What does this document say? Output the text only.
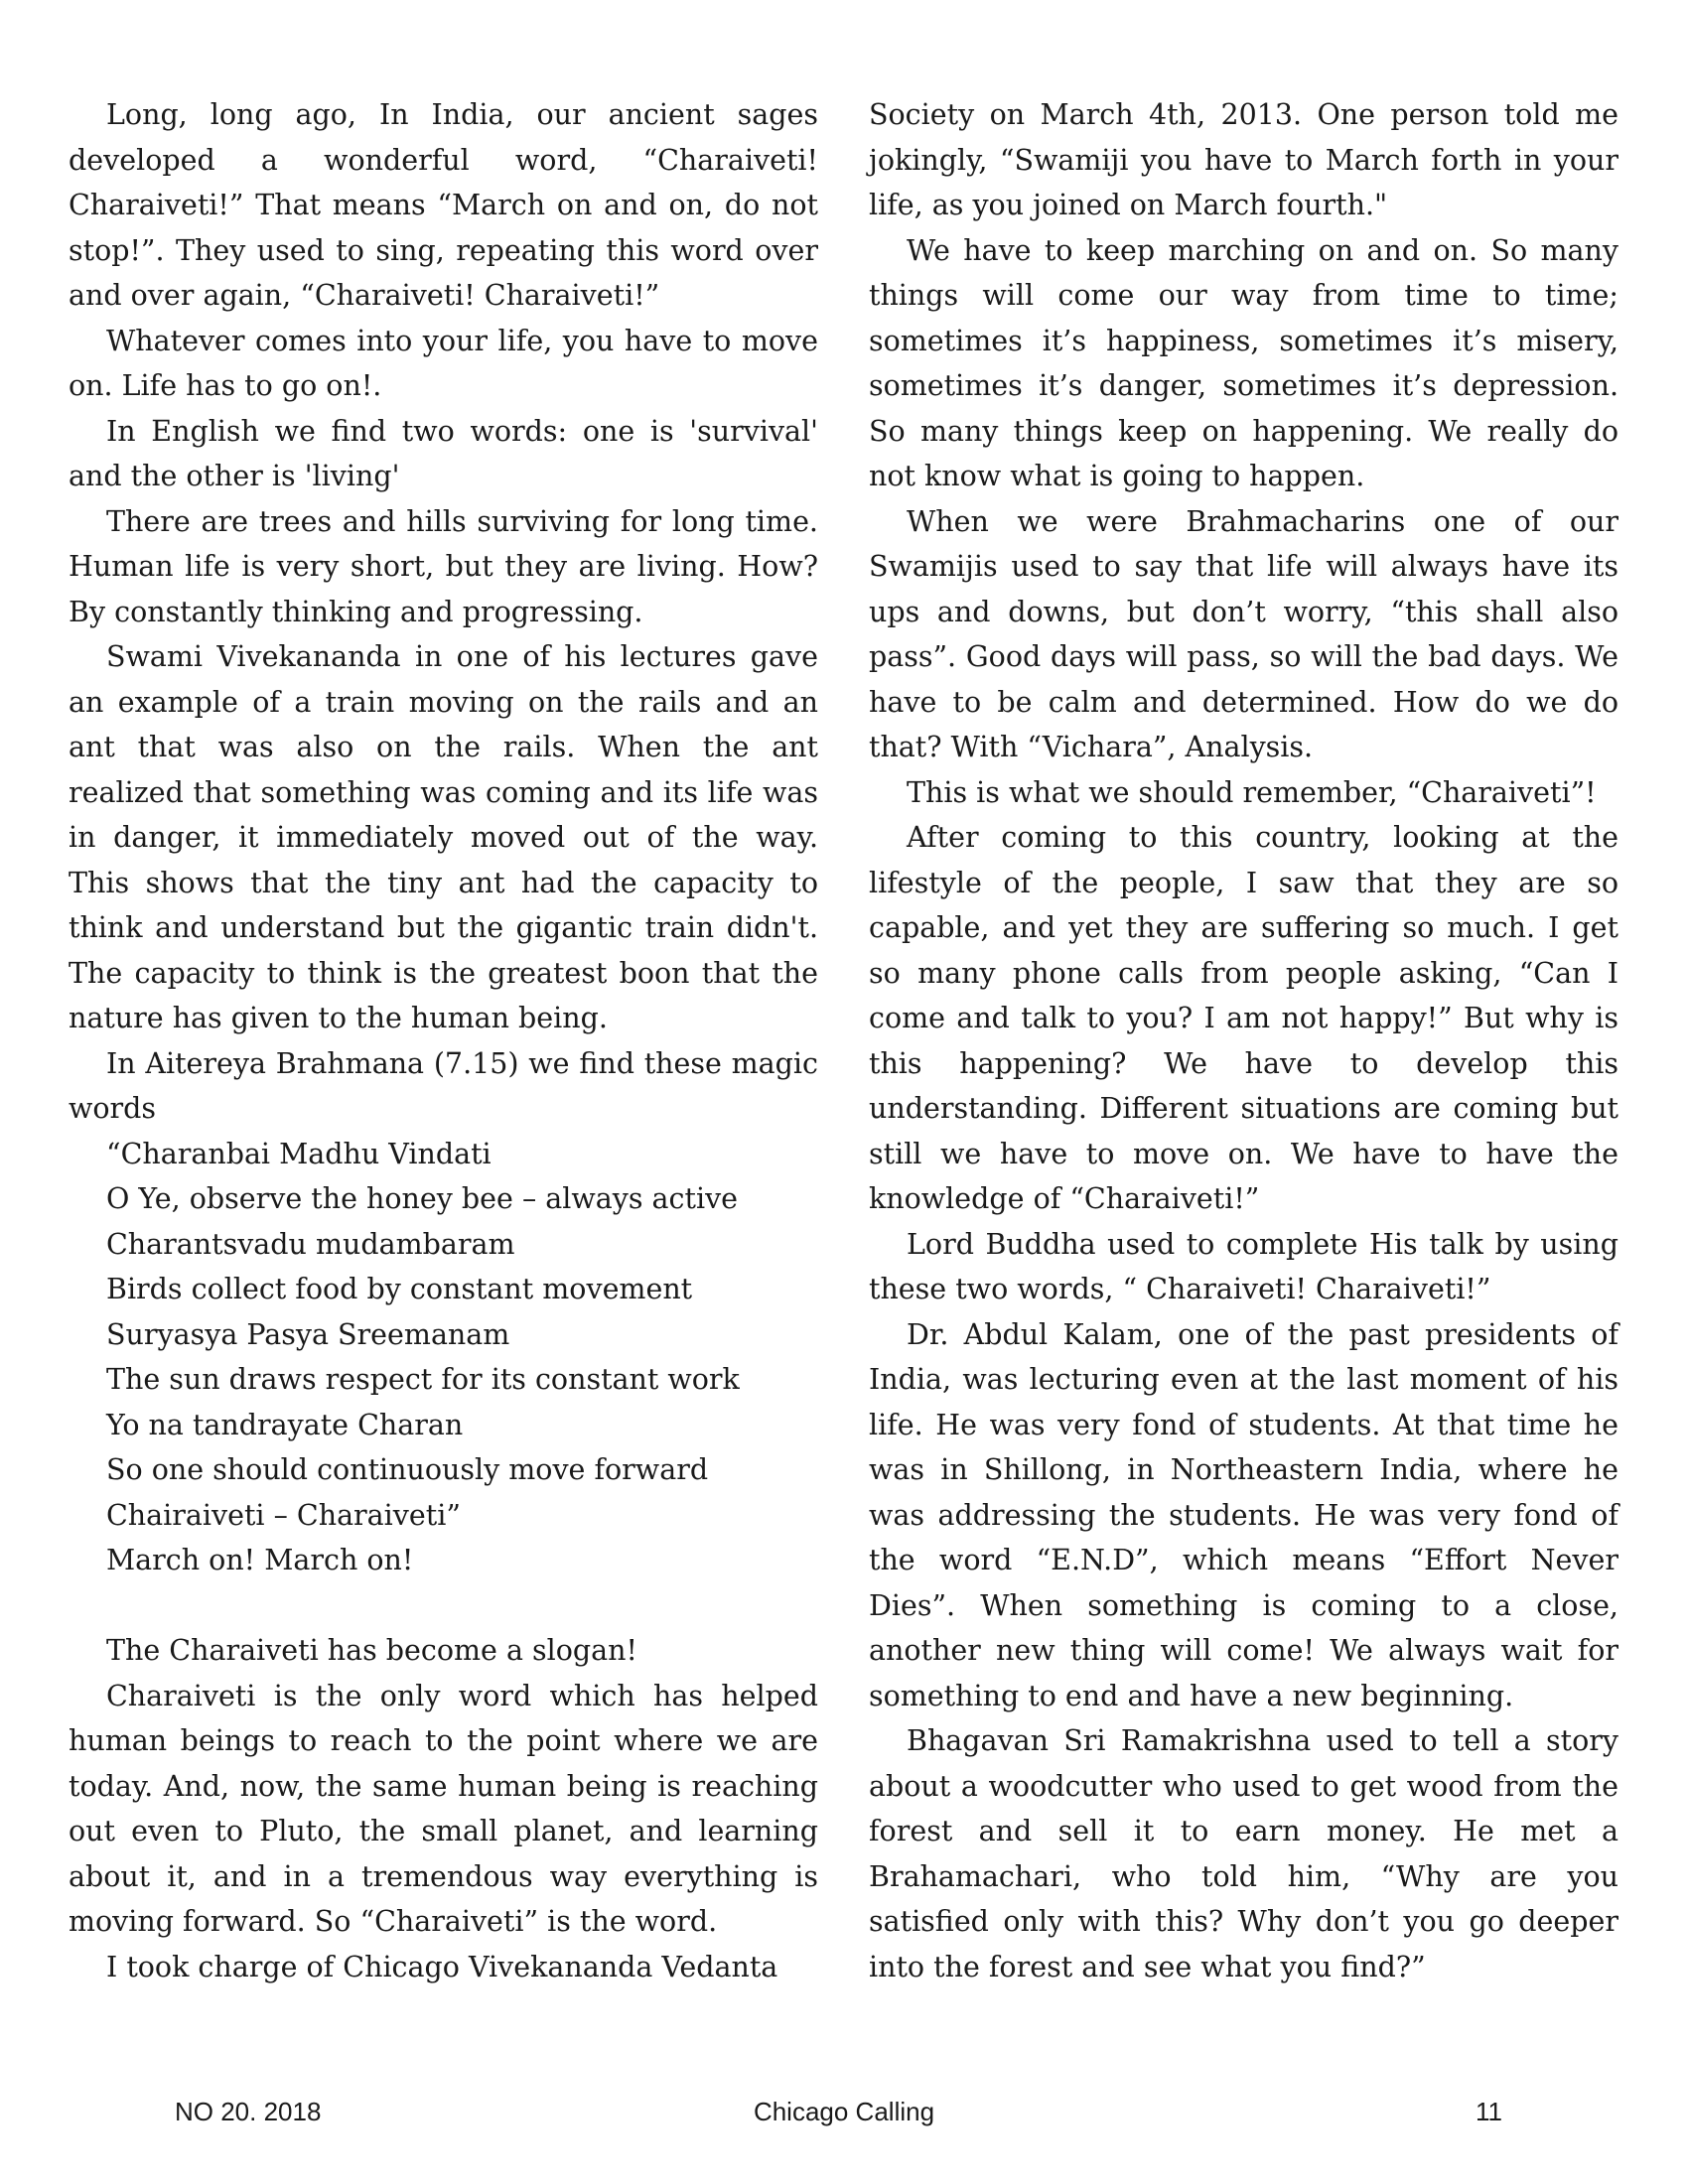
Long, long ago, In India, our ancient sages developed a wonderful word, “Charaiveti! Charaiveti!” That means “March on and on, do not stop!”. They used to sing, repeating this word over and over again, “Charaiveti! Charaiveti!”

Whatever comes into your life, you have to move on. Life has to go on!.

In English we find two words: one is 'survival' and the other is 'living'

There are trees and hills surviving for long time. Human life is very short, but they are living. How? By constantly thinking and progressing.

Swami Vivekananda in one of his lectures gave an example of a train moving on the rails and an ant that was also on the rails. When the ant realized that something was coming and its life was in danger, it immediately moved out of the way. This shows that the tiny ant had the capacity to think and understand but the gigantic train didn't. The capacity to think is the greatest boon that the nature has given to the human being.

In Aitereya Brahmana (7.15) we find these magic words

“Charanbai Madhu Vindati

O Ye, observe the honey bee – always active

Charantsvadu mudambaram

Birds collect food by constant movement

Suryasya Pasya Sreemanam

The sun draws respect for its constant work

Yo na tandrayate Charan

So one should continuously move forward

Chairaiveti – Charaiveti”

March on! March on!

The Charaiveti has become a slogan!

Charaiveti is the only word which has helped human beings to reach to the point where we are today. And, now, the same human being is reaching out even to Pluto, the small planet, and learning about it, and in a tremendous way everything is moving forward. So “Charaiveti” is the word.

I took charge of Chicago Vivekananda Vedanta

Society on March 4th, 2013. One person told me jokingly, “Swamiji you have to March forth in your life, as you joined on March fourth."

We have to keep marching on and on. So many things will come our way from time to time; sometimes it’s happiness, sometimes it’s misery, sometimes it’s danger, sometimes it’s depression. So many things keep on happening. We really do not know what is going to happen.

When we were Brahmacharins one of our Swamijis used to say that life will always have its ups and downs, but don’t worry, “this shall also pass”. Good days will pass, so will the bad days. We have to be calm and determined. How do we do that? With “Vichara”, Analysis.

This is what we should remember, “Charaiveti”!

After coming to this country, looking at the lifestyle of the people, I saw that they are so capable, and yet they are suffering so much. I get so many phone calls from people asking, “Can I come and talk to you? I am not happy!” But why is this happening? We have to develop this understanding. Different situations are coming but still we have to move on. We have to have the knowledge of “Charaiveti!”

Lord Buddha used to complete His talk by using these two words, “ Charaiveti! Charaiveti!”

Dr. Abdul Kalam, one of the past presidents of India, was lecturing even at the last moment of his life. He was very fond of students. At that time he was in Shillong, in Northeastern India, where he was addressing the students. He was very fond of the word “E.N.D”, which means “Effort Never Dies”. When something is coming to a close, another new thing will come! We always wait for something to end and have a new beginning.

Bhagavan Sri Ramakrishna used to tell a story about a woodcutter who used to get wood from the forest and sell it to earn money. He met a Brahamachari, who told him, “Why are you satisfied only with this? Why don’t you go deeper into the forest and see what you find?”

NO 20. 2018	Chicago Calling	11
